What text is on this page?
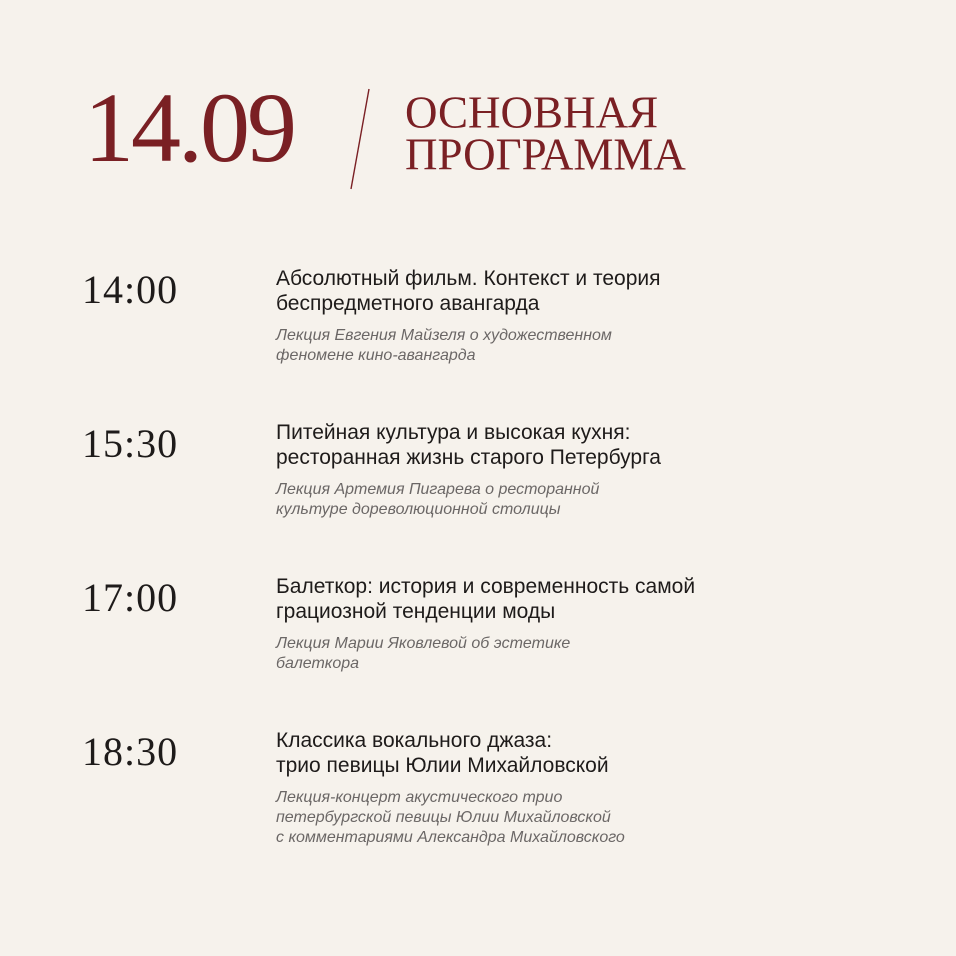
14.09 ОСНОВНАЯ
ПРОГРАММА
14:00	Абсолютный фильм. Контекст и теория
беспредметного авангарда
Лекция Евгения Майзеля о художественном
феномене кино-авангарда
15:30	Питейная культура и высокая кухня:
ресторанная жизнь старого Петербурга
Лекция Артемия Пигарева о ресторанной
культуре дореволюционной столицы
17:00	Балеткор: история и современность самой
грациозной тенденции моды
Лекция Марии Яковлевой об эстетике
балеткора
18:30	Классика вокального джаза:
трио певицы Юлии Михайловской
Лекция-концерт акустического трио
петербургской певицы Юлии Михайловской
с комментариями Александра Михайловского
